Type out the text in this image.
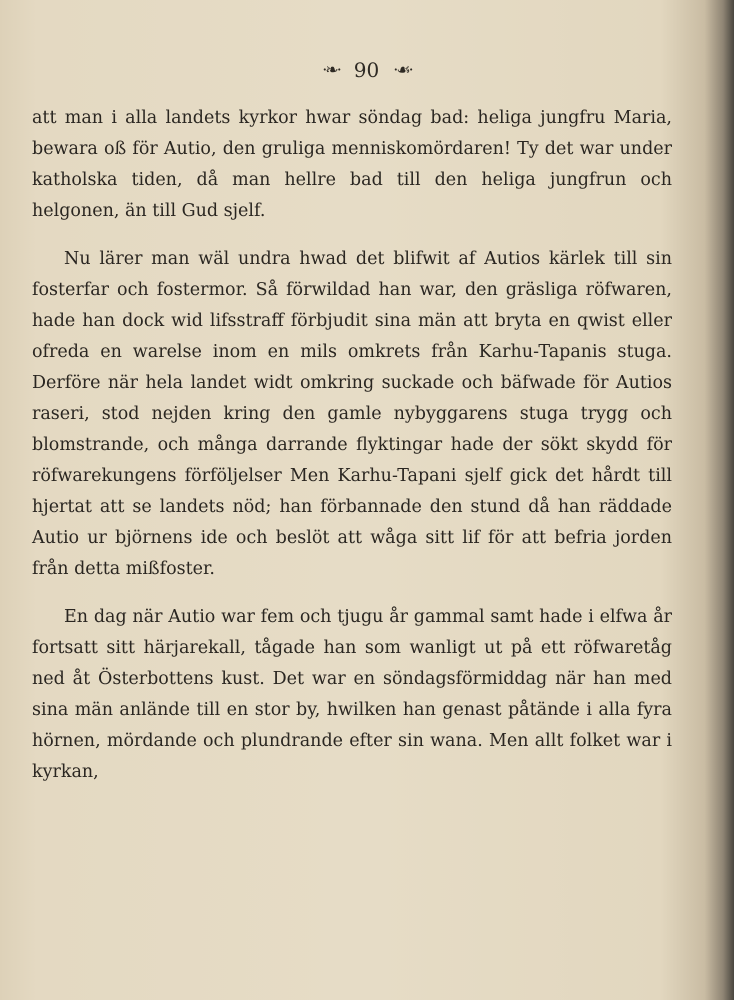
·❧· 90 ·☙·

att man i alla landets kyrkor hwar söndag bad: heliga jungfru Maria, bewara oß för Autio, den gruliga menniskomördaren! Ty det war under katholska tiden, då man hellre bad till den heliga jungfrun och helgonen, än till Gud sjelf.

Nu lärer man wäl undra hwad det blifwit af Autios kärlek till sin fosterfar och fostermor. Så förwildad han war, den gräsliga röfwaren, hade han dock wid lifsstraff förbjudit sina män att bryta en qwist eller ofreda en warelse inom en mils omkrets från Karhu-Tapanis stuga. Derföre när hela landet widt omkring suckade och bäfwade för Autios raseri, stod nejden kring den gamle nybyggarens stuga trygg och blomstrande, och många darrande flyktingar hade der sökt skydd för röfwarekungens förföljelser Men Karhu-Tapani sjelf gick det hårdt till hjertat att se landets nöd; han förbannade den stund då han räddade Autio ur björnens ide och beslöt att wåga sitt lif för att befria jorden från detta mißfoster.

En dag när Autio war fem och tjugu år gammal samt hade i elfwa år fortsatt sitt härjarekall, tågade han som wanligt ut på ett röfwaretåg ned åt Österbottens kust. Det war en söndagsförmiddag när han med sina män anlände till en stor by, hwilken han genast påtände i alla fyra hörnen, mördande och plundrande efter sin wana. Men allt folket war i kyrkan,
